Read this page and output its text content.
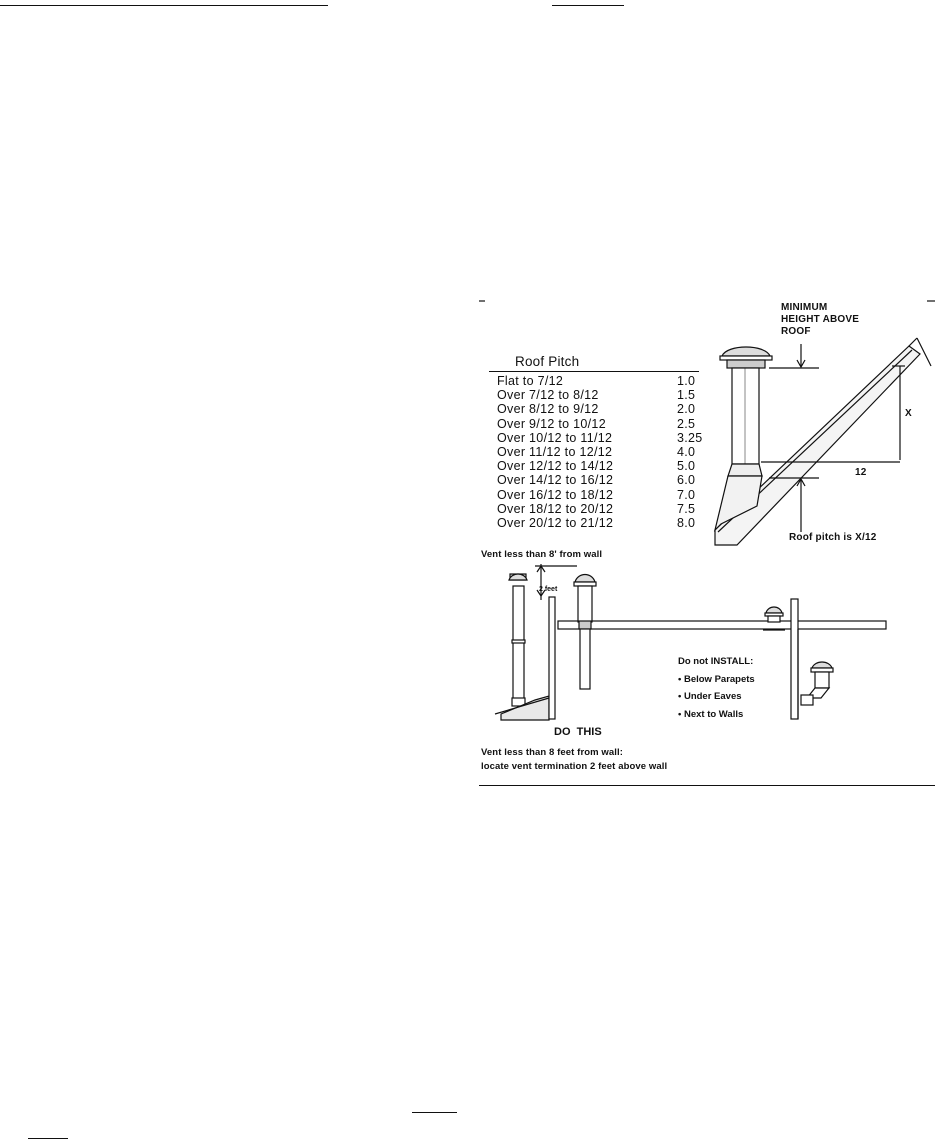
Roof Pitch
Flat to 7/12	1.0
Over 7/12 to 8/12	1.5
Over 8/12 to 9/12	2.0
Over 9/12 to 10/12	2.5
Over 10/12 to 11/12	3.25
Over 11/12 to 12/12	4.0
Over 12/12 to 14/12	5.0
Over 14/12 to 16/12	6.0
Over 16/12 to 18/12	7.0
Over 18/12 to 20/12	7.5
Over 20/12 to 21/12	8.0
MINIMUM
HEIGHT ABOVE
ROOF
X
12
Roof pitch is X/12
Vent less than 8' from wall
2 feet
DO  THIS
Do not INSTALL:
• Below Parapets
• Under Eaves
• Next to Walls
Vent less than 8 feet from wall:
locate vent termination 2 feet above wall
